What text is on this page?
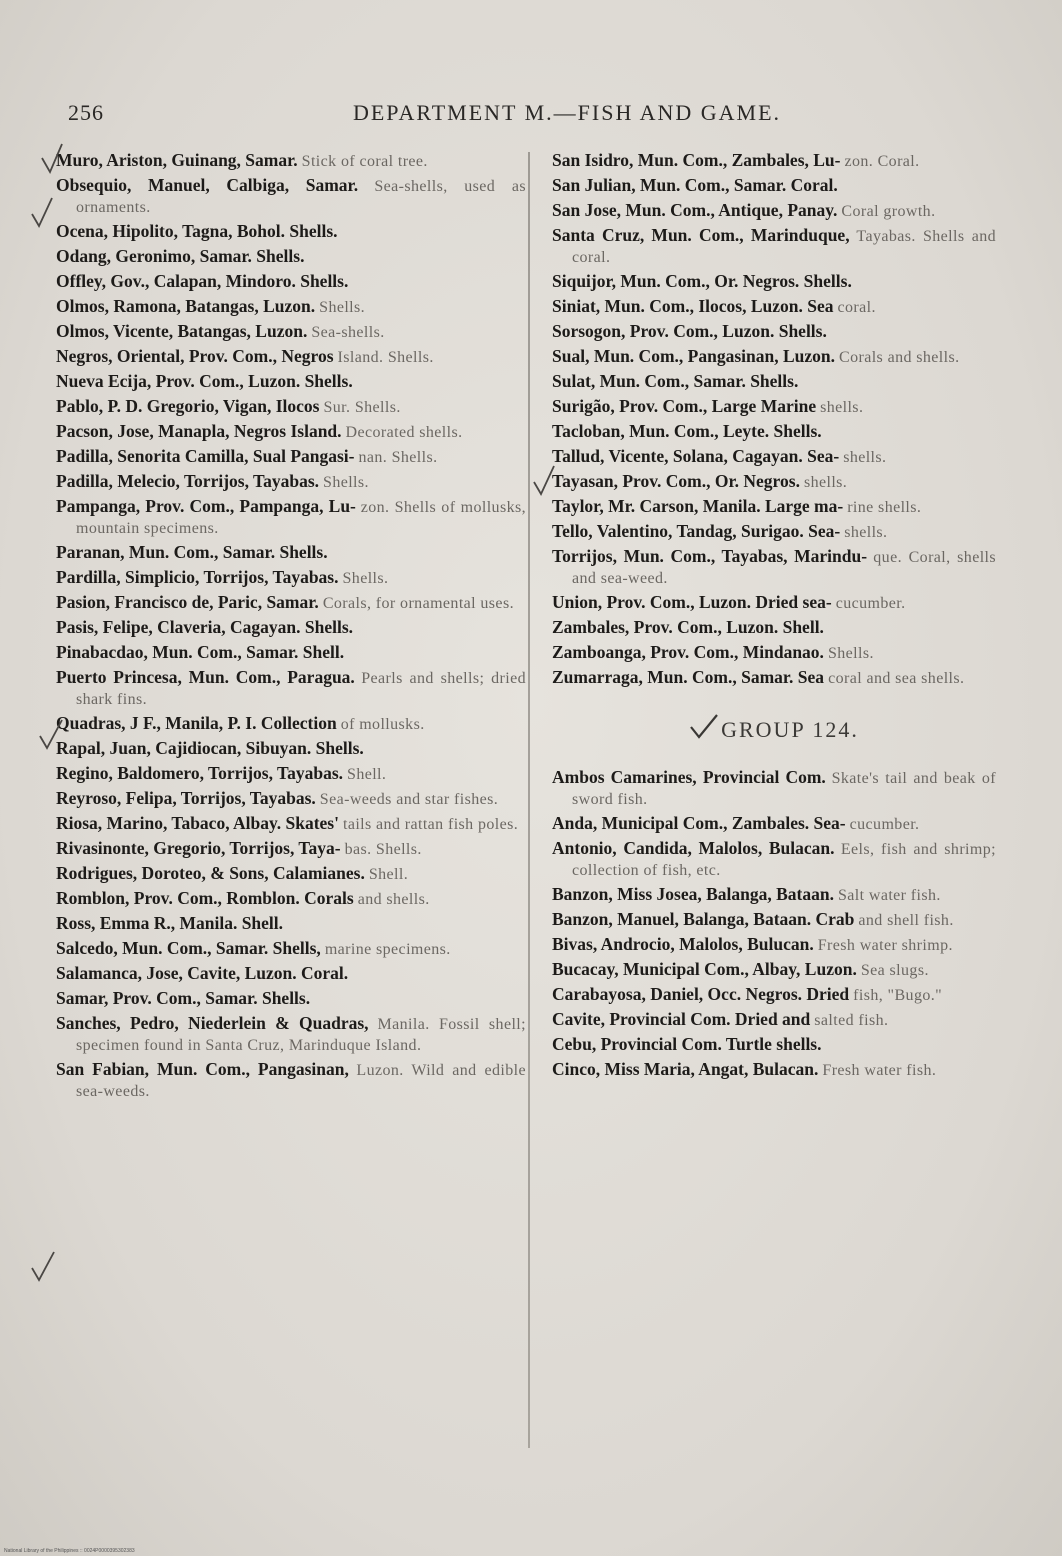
256	DEPARTMENT M.—FISH AND GAME.

Muro, Ariston, Guinang, Samar. Stick of coral tree.

Obsequio, Manuel, Calbiga, Samar. Sea-shells, used as ornaments.

Ocena, Hipolito, Tagna, Bohol. Shells.

Odang, Geronimo, Samar. Shells.

Offley, Gov., Calapan, Mindoro. Shells.

Olmos, Ramona, Batangas, Luzon. Shells.

Olmos, Vicente, Batangas, Luzon. Sea-shells.

Negros, Oriental, Prov. Com., Negros Island. Shells.

Nueva Ecija, Prov. Com., Luzon. Shells.

Pablo, P. D. Gregorio, Vigan, Ilocos Sur. Shells.

Pacson, Jose, Manapla, Negros Island. Decorated shells.

Padilla, Senorita Camilla, Sual Pangasi- nan. Shells.

Padilla, Melecio, Torrijos, Tayabas. Shells.

Pampanga, Prov. Com., Pampanga, Lu- zon. Shells of mollusks, mountain specimens.

Paranan, Mun. Com., Samar. Shells.

Pardilla, Simplicio, Torrijos, Tayabas. Shells.

Pasion, Francisco de, Paric, Samar. Corals, for ornamental uses.

Pasis, Felipe, Claveria, Cagayan. Shells.

Pinabacdao, Mun. Com., Samar. Shell.

Puerto Princesa, Mun. Com., Paragua. Pearls and shells; dried shark fins.

Quadras, J F., Manila, P. I. Collection of mollusks.

Rapal, Juan, Cajidiocan, Sibuyan. Shells.

Regino, Baldomero, Torrijos, Tayabas. Shell.

Reyroso, Felipa, Torrijos, Tayabas. Sea-weeds and star fishes.

Riosa, Marino, Tabaco, Albay. Skates' tails and rattan fish poles.

Rivasinonte, Gregorio, Torrijos, Taya- bas. Shells.

Rodrigues, Doroteo, & Sons, Calamianes. Shell.

Romblon, Prov. Com., Romblon. Corals and shells.

Ross, Emma R., Manila. Shell.

Salcedo, Mun. Com., Samar. Shells, marine specimens.

Salamanca, Jose, Cavite, Luzon. Coral.

Samar, Prov. Com., Samar. Shells.

Sanches, Pedro, Niederlein & Quadras, Manila. Fossil shell; specimen found in Santa Cruz, Marinduque Island.

San Fabian, Mun. Com., Pangasinan, Luzon. Wild and edible sea-weeds.

San Isidro, Mun. Com., Zambales, Lu- zon. Coral.

San Julian, Mun. Com., Samar. Coral.

San Jose, Mun. Com., Antique, Panay. Coral growth.

Santa Cruz, Mun. Com., Marinduque, Tayabas. Shells and coral.

Siquijor, Mun. Com., Or. Negros. Shells.

Siniat, Mun. Com., Ilocos, Luzon. Sea coral.

Sorsogon, Prov. Com., Luzon. Shells.

Sual, Mun. Com., Pangasinan, Luzon. Corals and shells.

Sulat, Mun. Com., Samar. Shells.

Surigão, Prov. Com., Large Marine shells.

Tacloban, Mun. Com., Leyte. Shells.

Tallud, Vicente, Solana, Cagayan. Sea- shells.

Tayasan, Prov. Com., Or. Negros. shells.

Taylor, Mr. Carson, Manila. Large ma- rine shells.

Tello, Valentino, Tandag, Surigao. Sea- shells.

Torrijos, Mun. Com., Tayabas, Marindu- que. Coral, shells and sea-weed.

Union, Prov. Com., Luzon. Dried sea- cucumber.

Zambales, Prov. Com., Luzon. Shell.

Zamboanga, Prov. Com., Mindanao. Shells.

Zumarraga, Mun. Com., Samar. Sea coral and sea shells.

GROUP 124.

Ambos Camarines, Provincial Com. Skate's tail and beak of sword fish.

Anda, Municipal Com., Zambales. Sea- cucumber.

Antonio, Candida, Malolos, Bulacan. Eels, fish and shrimp; collection of fish, etc.

Banzon, Miss Josea, Balanga, Bataan. Salt water fish.

Banzon, Manuel, Balanga, Bataan. Crab and shell fish.

Bivas, Androcio, Malolos, Bulucan. Fresh water shrimp.

Bucacay, Municipal Com., Albay, Luzon. Sea slugs.

Carabayosa, Daniel, Occ. Negros. Dried fish, "Bugo."

Cavite, Provincial Com. Dried and salted fish.

Cebu, Provincial Com. Turtle shells.

Cinco, Miss Maria, Angat, Bulacan. Fresh water fish.

National Library of the Philippines :: 0024P0000395302383
